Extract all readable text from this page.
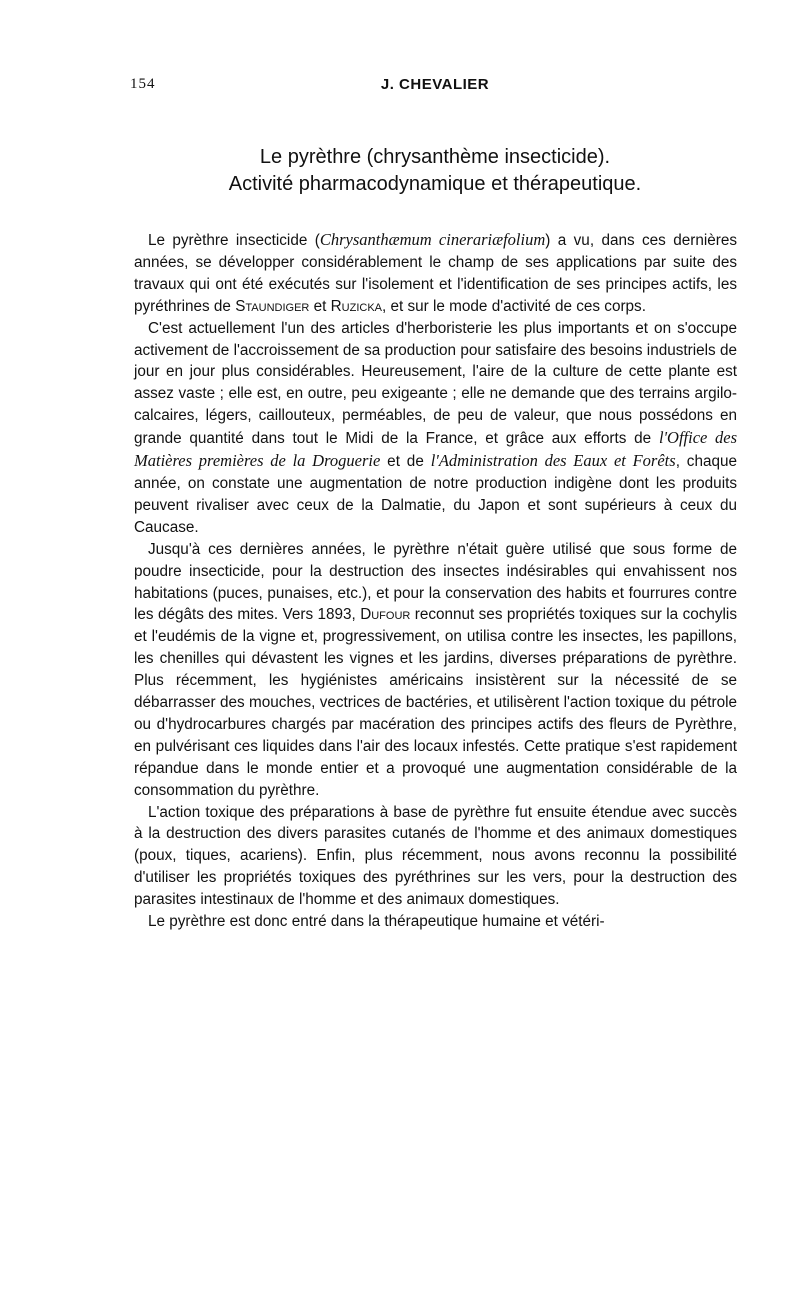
154	J. CHEVALIER
Le pyrèthre (chrysanthème insecticide).
Activité pharmacodynamique et thérapeutique.

Le pyrèthre insecticide (Chrysanthæmum cinerariæfolium) a vu, dans ces dernières années, se développer considérablement le champ de ses applications par suite des travaux qui ont été exécutés sur l'isolement et l'identification de ses principes actifs, les pyréthrines de Staundiger et Ruzicka, et sur le mode d'activité de ces corps.

C'est actuellement l'un des articles d'herboristerie les plus importants et on s'occupe activement de l'accroissement de sa production pour satisfaire des besoins industriels de jour en jour plus considérables. Heureusement, l'aire de la culture de cette plante est assez vaste ; elle est, en outre, peu exigeante ; elle ne demande que des terrains argilo-calcaires, légers, caillouteux, perméables, de peu de valeur, que nous possédons en grande quantité dans tout le Midi de la France, et grâce aux efforts de l'Office des Matières premières de la Droguerie et de l'Administration des Eaux et Forêts, chaque année, on constate une augmentation de notre production indigène dont les produits peuvent rivaliser avec ceux de la Dalmatie, du Japon et sont supérieurs à ceux du Caucase.

Jusqu'à ces dernières années, le pyrèthre n'était guère utilisé que sous forme de poudre insecticide, pour la destruction des insectes indésirables qui envahissent nos habitations (puces, punaises, etc.), et pour la conservation des habits et fourrures contre les dégâts des mites. Vers 1893, Dufour reconnut ses propriétés toxiques sur la cochylis et l'eudémis de la vigne et, progressivement, on utilisa contre les insectes, les papillons, les chenilles qui dévastent les vignes et les jardins, diverses préparations de pyrèthre. Plus récemment, les hygiénistes américains insistèrent sur la nécessité de se débarrasser des mouches, vectrices de bactéries, et utilisèrent l'action toxique du pétrole ou d'hydrocarbures chargés par macération des principes actifs des fleurs de Pyrèthre, en pulvérisant ces liquides dans l'air des locaux infestés. Cette pratique s'est rapidement répandue dans le monde entier et a provoqué une augmentation considérable de la consommation du pyrèthre.

L'action toxique des préparations à base de pyrèthre fut ensuite étendue avec succès à la destruction des divers parasites cutanés de l'homme et des animaux domestiques (poux, tiques, acariens). Enfin, plus récemment, nous avons reconnu la possibilité d'utiliser les propriétés toxiques des pyréthrines sur les vers, pour la destruction des parasites intestinaux de l'homme et des animaux domestiques.

Le pyrèthre est donc entré dans la thérapeutique humaine et vétéri-
